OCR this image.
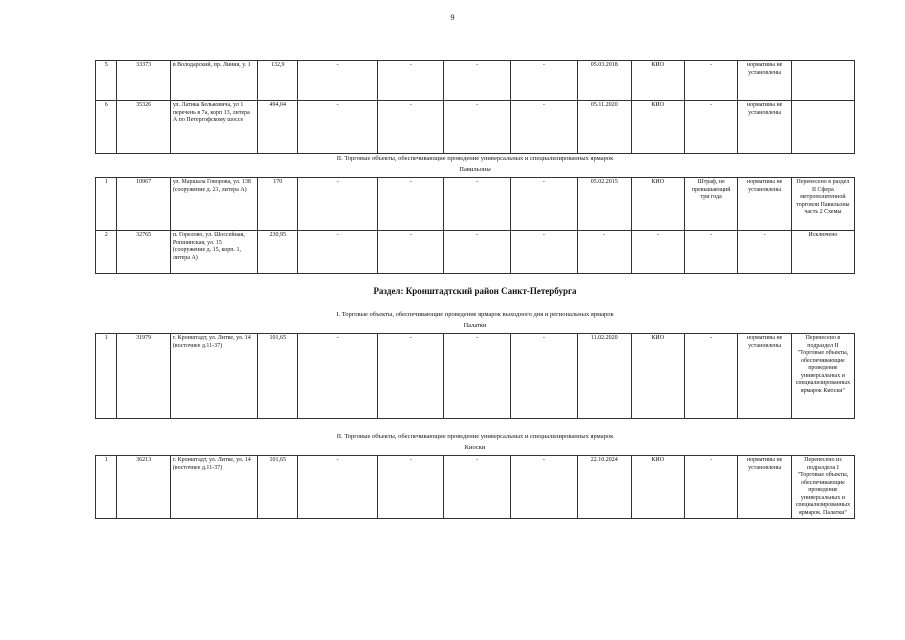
9
5	33373	в Володарский, пр. Линия, у. 1	132,9	-	-	-	-	05.03.2018	КИО	-	нормативы не установлены	
6	35326	ул. Латика Бельковича, ул 1 перечень в 7а, корп 13, литера А по Петергофскому шоссе	494,04	-	-	-	-	05.11.2020	КИО	-	нормативы не установлены	
II. Торговые объекты, обеспечивающие проведение универсальных и специализированных ярмарок
Павильоны
1	10967	ул. Маршала Говорова, ул. 138 (сооружение д. 21, литера А)	170	-	-	-	-	05.02.2015	КИО	Штраф, не превышающий три года	нормативы не установлены	Перенесено в раздел II Сфера метрополитенной торговли Павильоны часть 2 Схемы
2	32765	п. Горелово, ул. Шоссейная, Ропшинская, ул. 15 (сооружение д. 15, корп. 1, литера А)	230,95	-	-	-	-	-	-	-	-	Исключено
Раздел: Кронштадтский район Санкт-Петербурга
I. Торговые объекты, обеспечивающие проведение ярмарок выходного дня и региональных ярмарок
Палатки
1	31979	г. Кронштадт, ул. Литке, ул. 14 (восточнее д.11-37)	101,65	-	-	-	-	11.02.2020	КИО	-	нормативы не установлены	Перенесено в подраздел II "Торговые объекты, обеспечивающие проведение универсальных и специализированных ярмарок Киоски"
II. Торговые объекты, обеспечивающие проведение универсальных и специализированных ярмарок
Киоски
1	36213	г. Кронштадт, ул. Литке, ул. 14 (восточнее д.11-37)	101,65	-	-	-	-	22.10.2024	КИО	-	нормативы не установлены	Перенесено из подраздела I "Торговые объекты, обеспечивающие проведение универсальных и специализированных ярмарок. Палатки"
